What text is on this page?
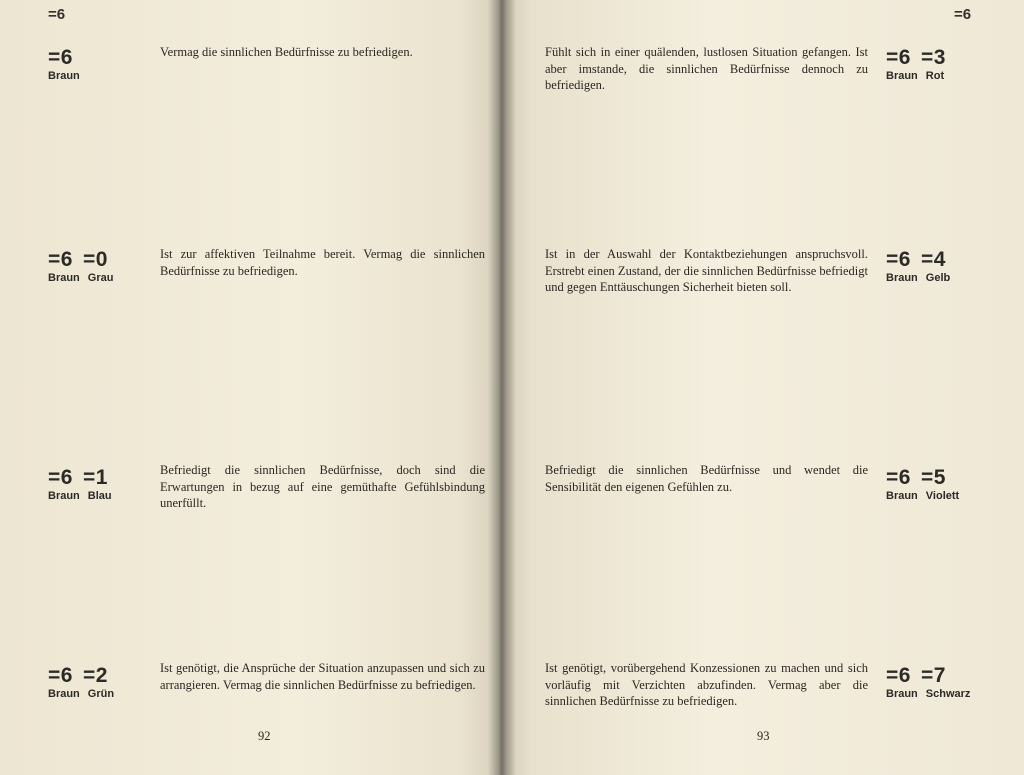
=6
=6
Braun
Vermag die sinnlichen Bedürfnisse zu befriedigen.
=6 =0
Braun Grau
Ist zur affektiven Teilnahme bereit. Vermag die sinnlichen Bedürfnisse zu befriedigen.
=6 =1
Braun Blau
Befriedigt die sinnlichen Bedürfnisse, doch sind die Erwartungen in bezug auf eine gemüthafte Gefühlsbindung unerfüllt.
=6 =2
Braun Grün
Ist genötigt, die Ansprüche der Situation anzupassen und sich zu arrangieren. Vermag die sinnlichen Bedürfnisse zu befriedigen.
92
=6
Fühlt sich in einer quälenden, lustlosen Situation gefangen. Ist aber imstande, die sinnlichen Bedürfnisse dennoch zu befriedigen.
=6 =3
Braun Rot
Ist in der Auswahl der Kontaktbeziehungen anspruchsvoll. Erstrebt einen Zustand, der die sinnlichen Bedürfnisse befriedigt und gegen Enttäuschungen Sicherheit bieten soll.
=6 =4
Braun Gelb
Befriedigt die sinnlichen Bedürfnisse und wendet die Sensibilität den eigenen Gefühlen zu.	=6 =5
Braun Violett
Ist genötigt, vorübergehend Konzessionen zu machen und sich vorläufig mit Verzichten abzufinden. Vermag aber die sinnlichen Bedürfnisse zu befriedigen.
=6 =7
Braun Schwarz
93
